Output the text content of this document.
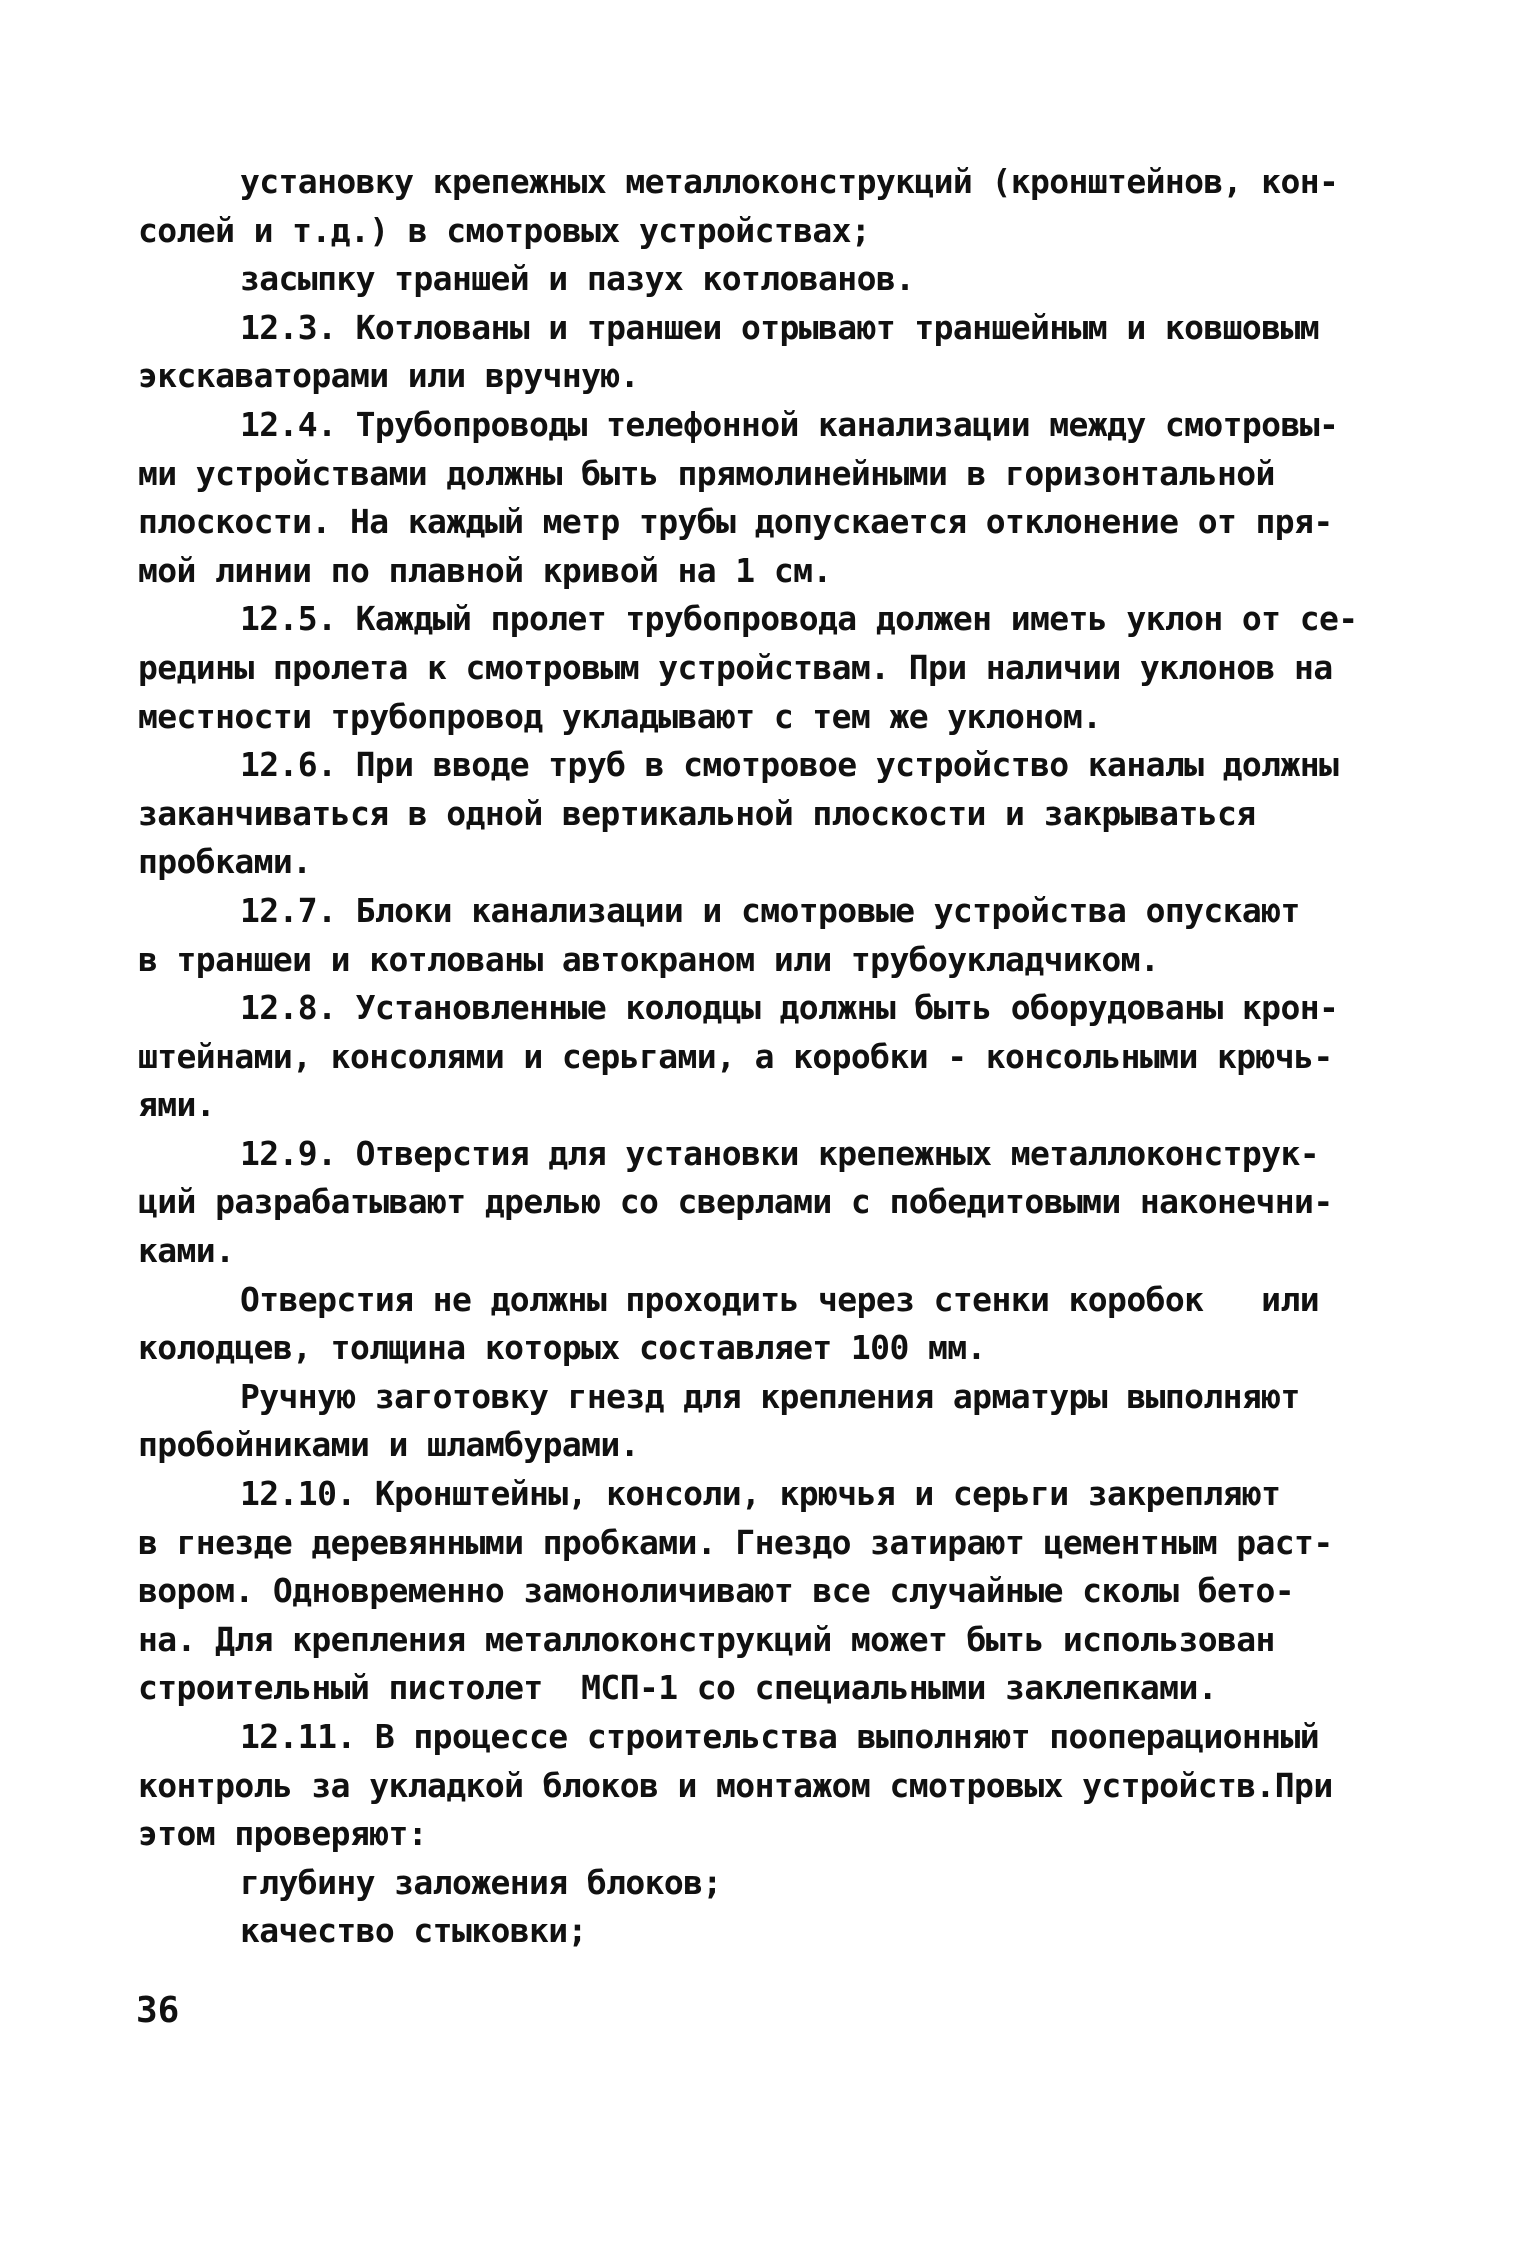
установку крепежных металлоконструкций (кронштейнов, кон-
солей и т.д.) в смотровых устройствах;
засыпку траншей и пазух котлованов.
12.3. Котлованы и траншеи отрывают траншейным и ковшовым
экскаваторами или вручную.
12.4. Трубопроводы телефонной канализации между смотровы-
ми устройствами должны быть прямолинейными в горизонтальной
плоскости. На каждый метр трубы допускается отклонение от пря-
мой линии по плавной кривой на 1 см.
12.5. Каждый пролет трубопровода должен иметь уклон от се-
редины пролета к смотровым устройствам. При наличии уклонов на
местности трубопровод укладывают с тем же уклоном.
12.6. При вводе труб в смотровое устройство каналы должны
заканчиваться в одной вертикальной плоскости и закрываться
пробками.
12.7. Блоки канализации и смотровые устройства опускают
в траншеи и котлованы автокраном или трубоукладчиком.
12.8. Установленные колодцы должны быть оборудованы крон-
штейнами, консолями и серьгами, а коробки - консольными крючь-
ями.
12.9. Отверстия для установки крепежных металлоконструк-
ций разрабатывают дрелью со сверлами с победитовыми наконечни-
ками.
Отверстия не должны проходить через стенки коробок   или
колодцев, толщина которых составляет 100 мм.
Ручную заготовку гнезд для крепления арматуры выполняют
пробойниками и шламбурами.
12.10. Кронштейны, консоли, крючья и серьги закрепляют
в гнезде деревянными пробками. Гнездо затирают цементным раст-
вором. Одновременно замоноличивают все случайные сколы бето-
на. Для крепления металлоконструкций может быть использован
строительный пистолет  МСП-1 со специальными заклепками.
12.11. В процессе строительства выполняют пооперационный
контроль за укладкой блоков и монтажом смотровых устройств.При
этом проверяют:
глубину заложения блоков;
качество стыковки;
36
